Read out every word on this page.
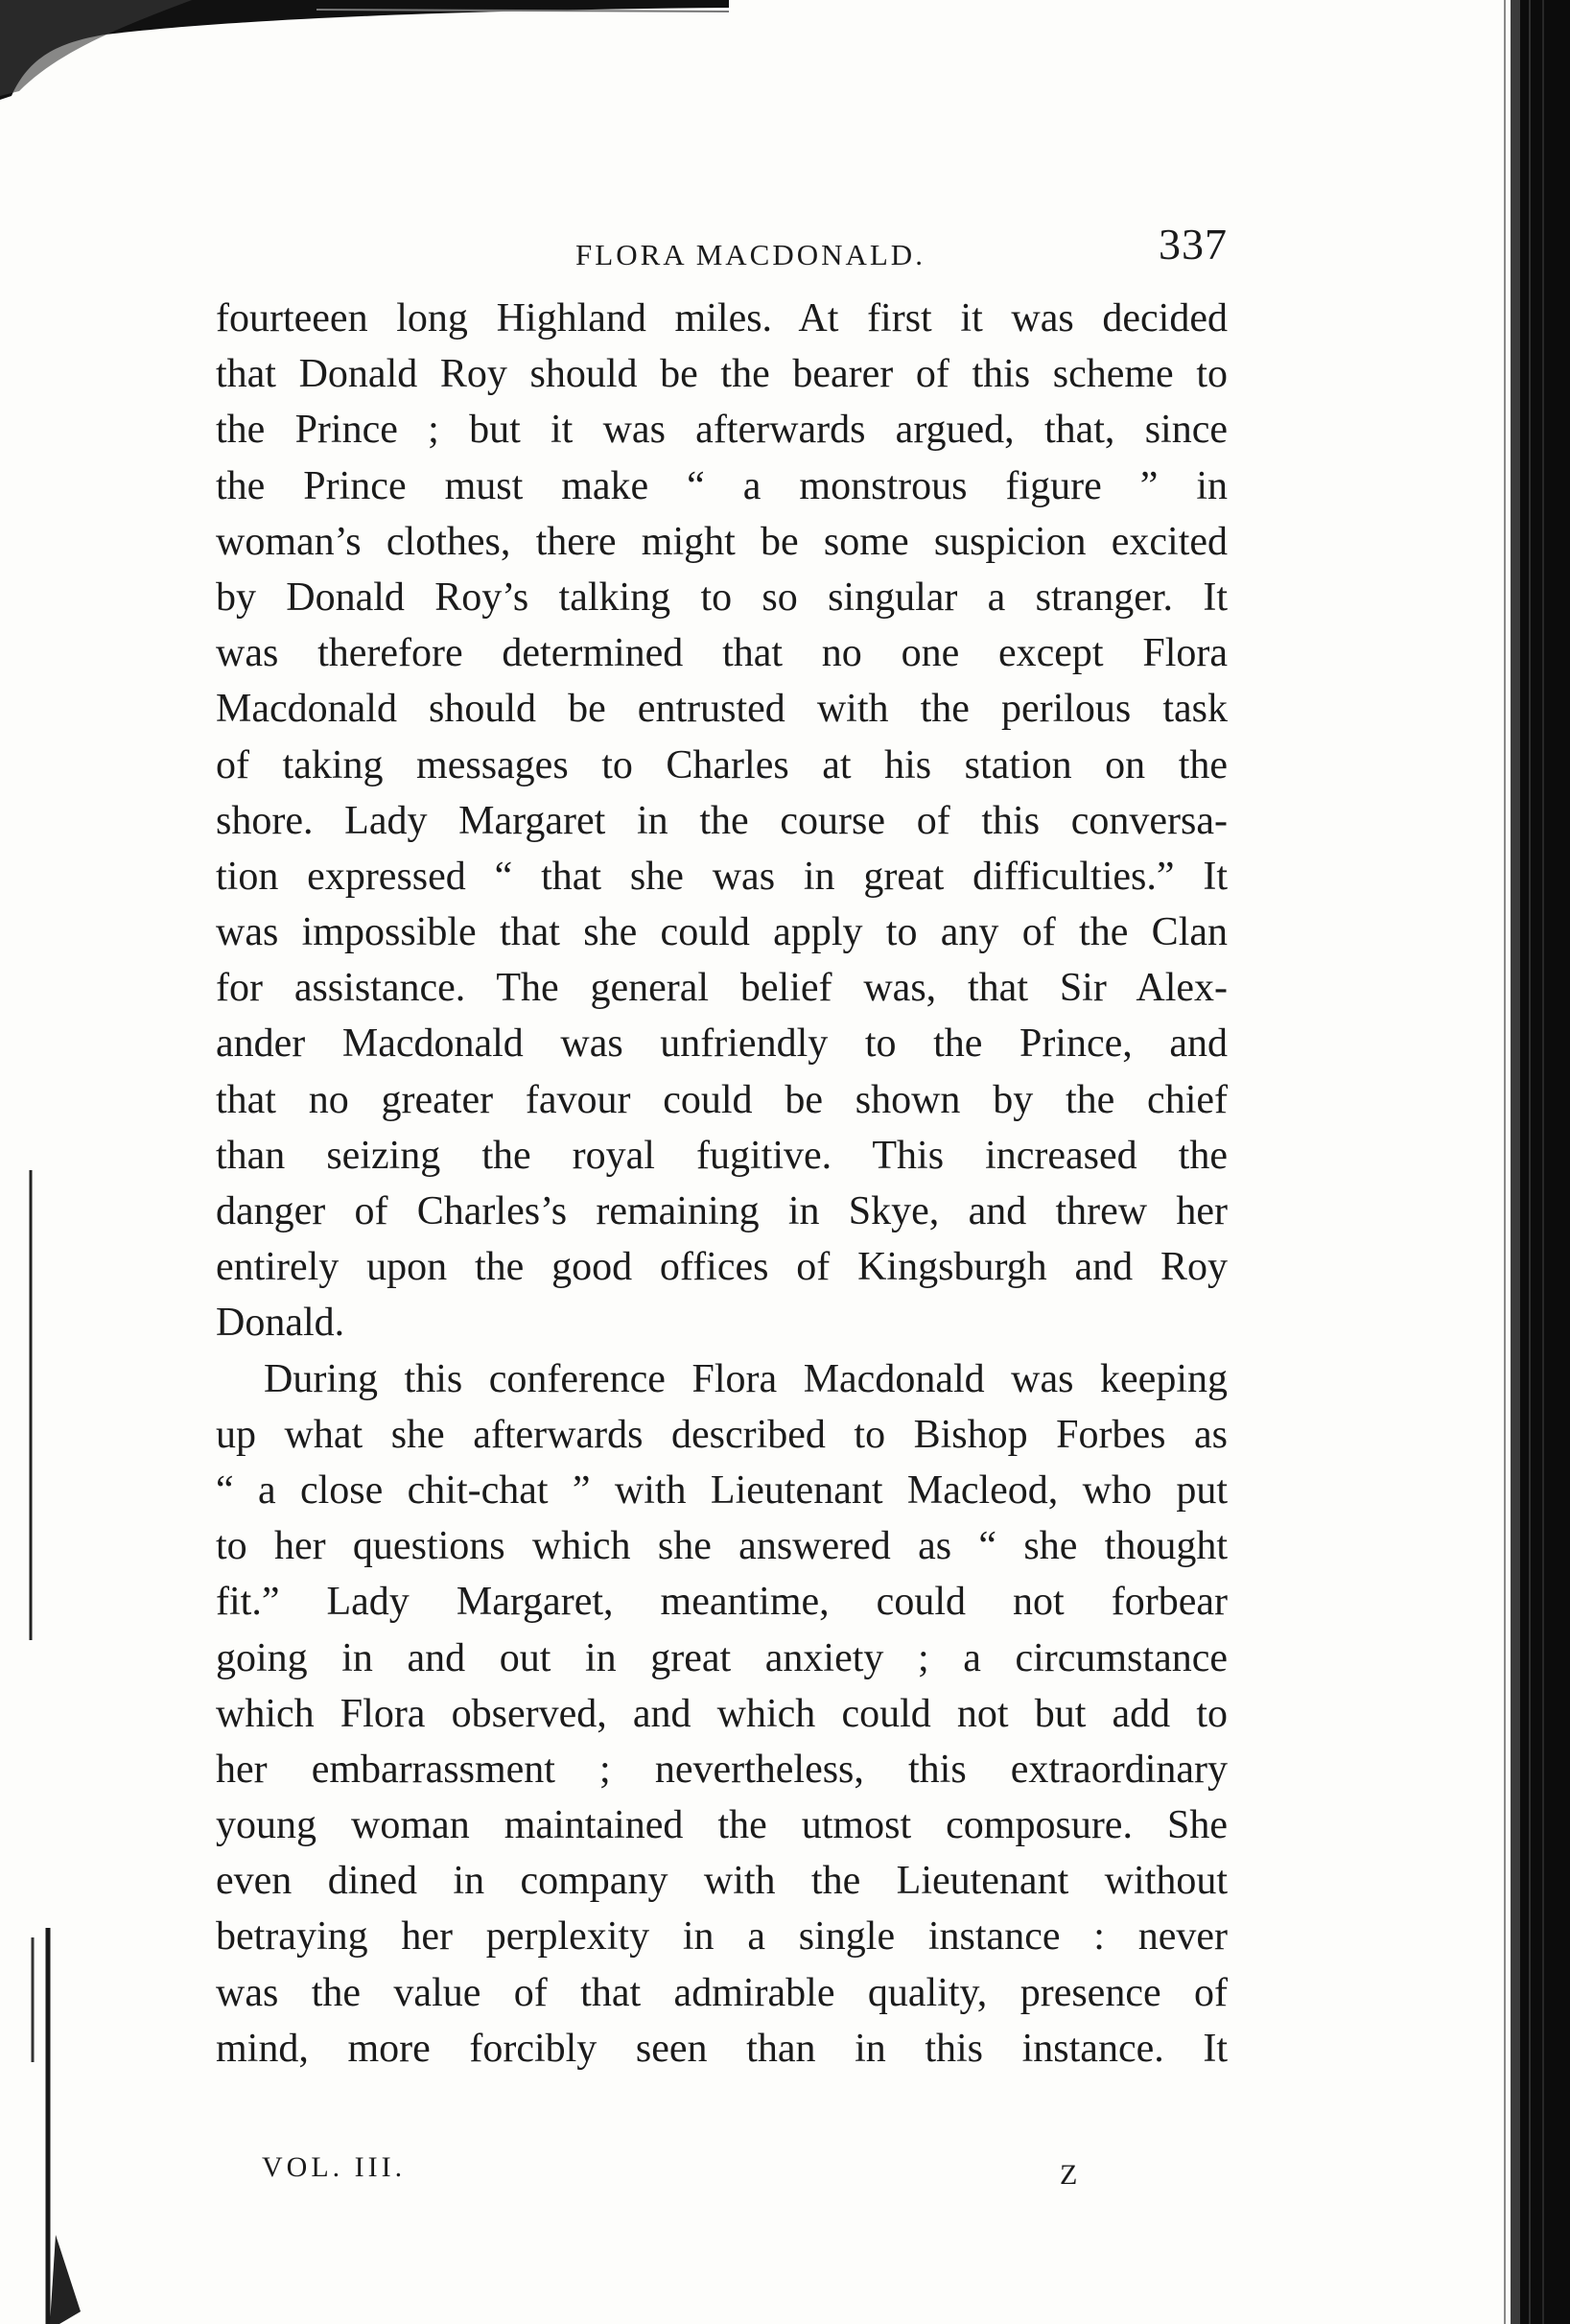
FLORA MACDONALD.	337
fourteeen long Highland miles. At first it was decided
that Donald Roy should be the bearer of this scheme to
the Prince ; but it was afterwards argued, that, since
the Prince must make “ a monstrous figure ” in
woman’s clothes, there might be some suspicion excited
by Donald Roy’s talking to so singular a stranger. It
was therefore determined that no one except Flora
Macdonald should be entrusted with the perilous task
of taking messages to Charles at his station on the
shore. Lady Margaret in the course of this conversa-
tion expressed “ that she was in great difficulties.” It
was impossible that she could apply to any of the Clan
for assistance. The general belief was, that Sir Alex-
ander Macdonald was unfriendly to the Prince, and
that no greater favour could be shown by the chief
than seizing the royal fugitive. This increased the
danger of Charles’s remaining in Skye, and threw her
entirely upon the good offices of Kingsburgh and Roy
Donald.
During this conference Flora Macdonald was keeping
up what she afterwards described to Bishop Forbes as
“ a close chit-chat ” with Lieutenant Macleod, who put
to her questions which she answered as “ she thought
fit.” Lady Margaret, meantime, could not forbear
going in and out in great anxiety ; a circumstance
which Flora observed, and which could not but add to
her embarrassment ; nevertheless, this extraordinary
young woman maintained the utmost composure. She
even dined in company with the Lieutenant without
betraying her perplexity in a single instance : never
was the value of that admirable quality, presence of
mind, more forcibly seen than in this instance. It
VOL. III.	Z
